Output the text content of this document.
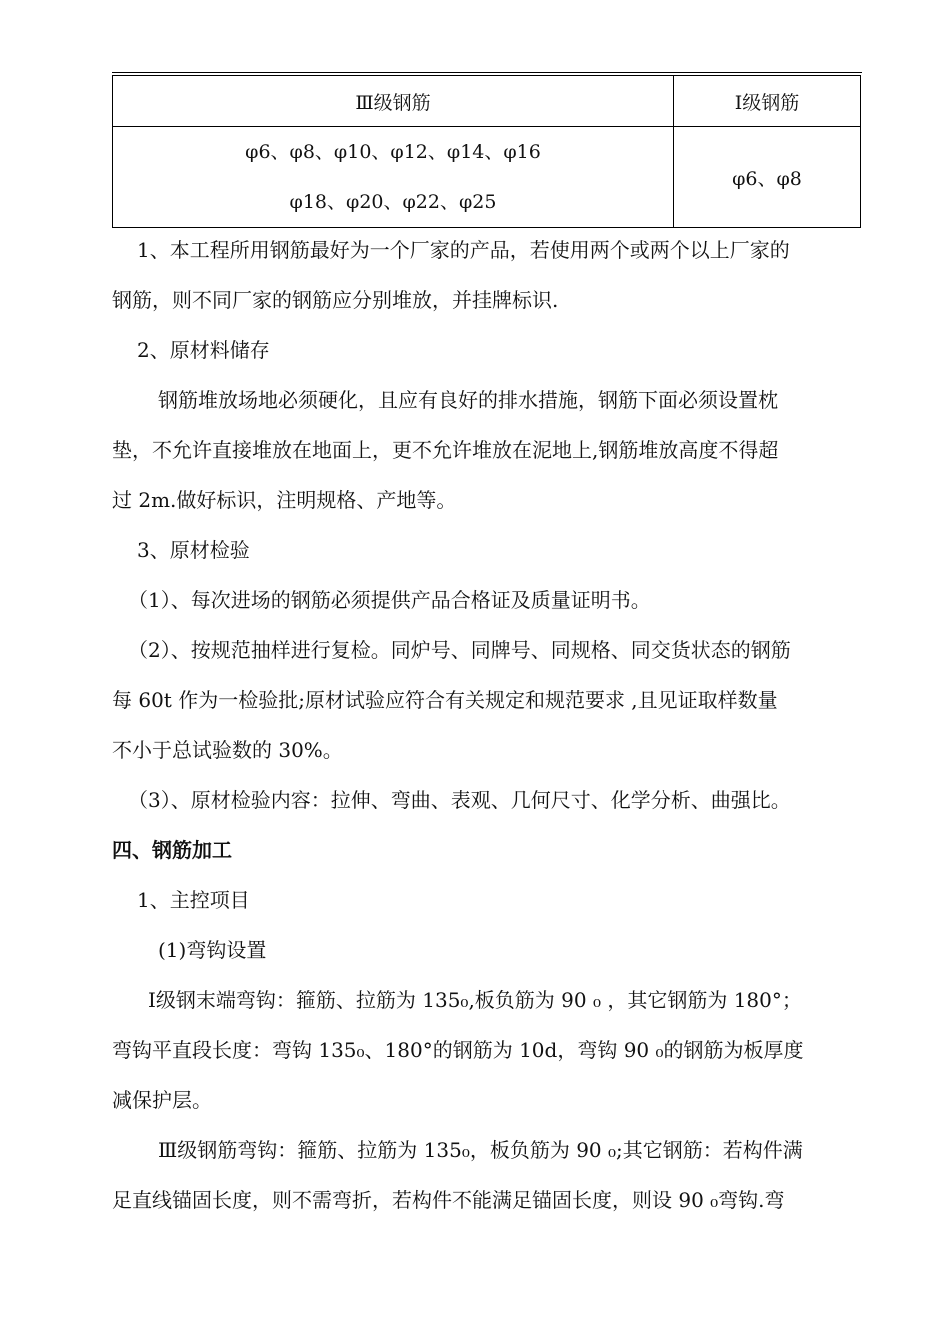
Ⅲ级钢筋	Ⅰ级钢筋

φ6、φ8、φ10、φ12、φ14、φ16
φ18、φ20、φ22、φ25	φ6、φ8

1、本工程所用钢筋最好为一个厂家的产品，若使用两个或两个以上厂家的

钢筋，则不同厂家的钢筋应分别堆放，并挂牌标识.

2、原材料储存

钢筋堆放场地必须硬化，且应有良好的排水措施，钢筋下面必须设置枕

垫，不允许直接堆放在地面上，更不允许堆放在泥地上,钢筋堆放高度不得超

过 2m.做好标识，注明规格、产地等。

3、原材检验

（1）、每次进场的钢筋必须提供产品合格证及质量证明书。

（2）、按规范抽样进行复检。同炉号、同牌号、同规格、同交货状态的钢筋

每 60t 作为一检验批;原材试验应符合有关规定和规范要求 ,且见证取样数量

不小于总试验数的 30%。

（3）、原材检验内容：拉伸、弯曲、表观、几何尺寸、化学分析、曲强比。

四、钢筋加工

1、主控项目

(1)弯钩设置

Ⅰ级钢末端弯钩：箍筋、拉筋为 135₀,板负筋为 90 ₀ ，其它钢筋为 180°；

弯钩平直段长度：弯钩 135₀、180°的钢筋为 10d，弯钩 90 ₀的钢筋为板厚度

减保护层。

Ⅲ级钢筋弯钩：箍筋、拉筋为 135₀，板负筋为 90 ₀;其它钢筋：若构件满

足直线锚固长度，则不需弯折，若构件不能满足锚固长度，则设 90 ₀弯钩.弯
